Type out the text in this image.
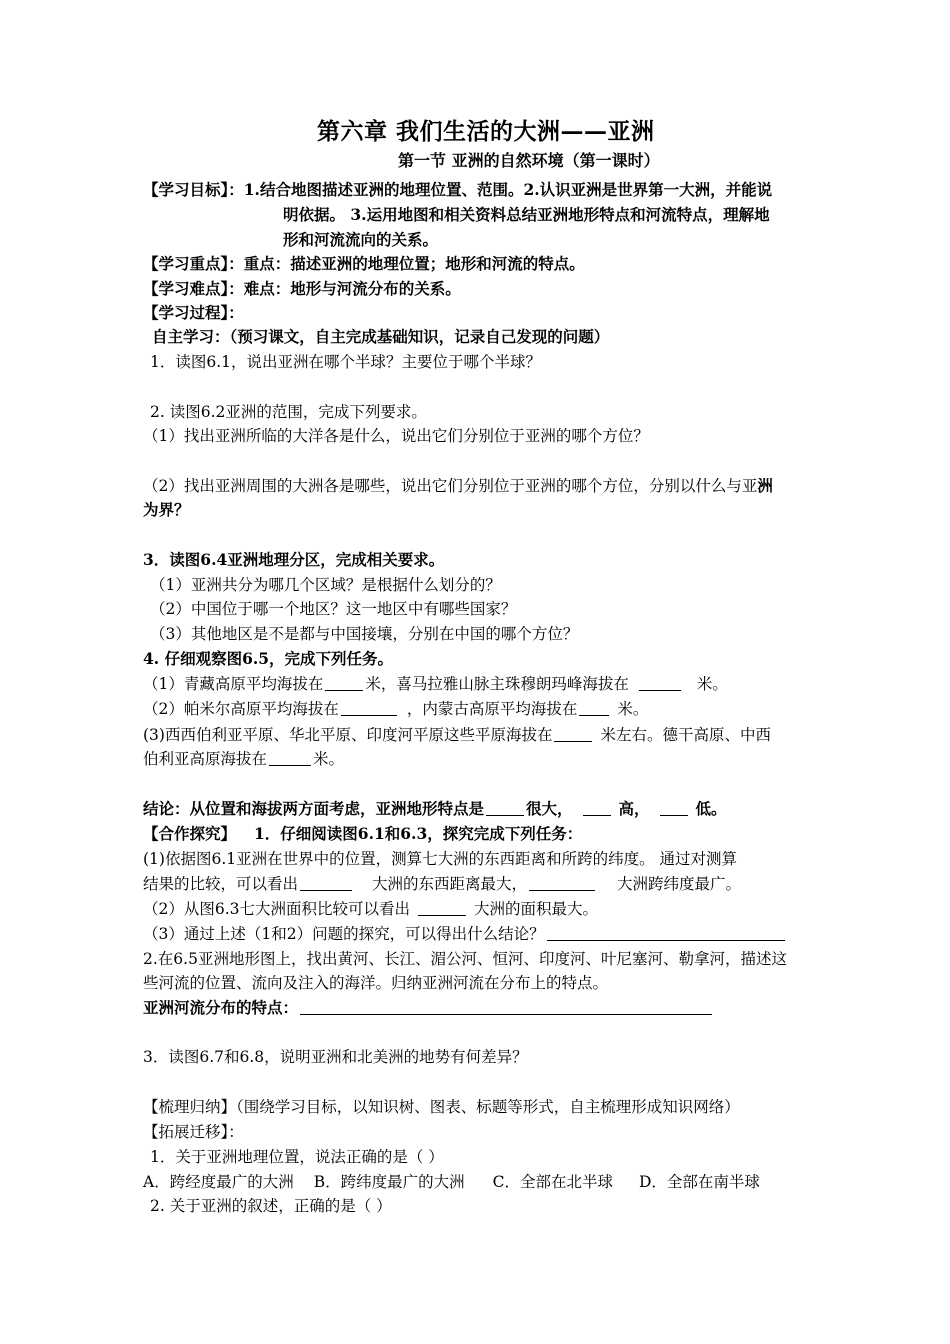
第六章 我们生活的大洲——亚洲
第一节 亚洲的自然环境（第一课时）
【学习目标】：1.结合地图描述亚洲的地理位置、范围。2.认识亚洲是世界第一大洲，并能说
明依据。 3.运用地图和相关资料总结亚洲地形特点和河流特点，理解地
形和河流流向的关系。
【学习重点】：重点：描述亚洲的地理位置；地形和河流的特点。
【学习难点】：难点：地形与河流分布的关系。
【学习过程】：
自主学习：（预习课文，自主完成基础知识，记录自己发现的问题）
1．读图6.1，说出亚洲在哪个半球？主要位于哪个半球？
2. 读图6.2亚洲的范围，完成下列要求。
（1）找出亚洲所临的大洋各是什么，说出它们分别位于亚洲的哪个方位？
（2）找出亚洲周围的大洲各是哪些，说出它们分别位于亚洲的哪个方位，分别以什么与亚洲
为界？
3．读图6.4亚洲地理分区，完成相关要求。
（1）亚洲共分为哪几个区域？是根据什么划分的？
（2）中国位于哪一个地区？这一地区中有哪些国家？
（3）其他地区是不是都与中国接壤，分别在中国的哪个方位？
4. 仔细观察图6.5，完成下列任务。
（1）青藏高原平均海拔在	米，喜马拉雅山脉主珠穆朗玛峰海拔在	米。
（2）帕米尔高原平均海拔在	，内蒙古高原平均海拔在	米。
(3)西西伯利亚平原、华北平原、印度河平原这些平原海拔在	米左右。德干高原、中西
伯利亚高原海拔在	米。
结论：从位置和海拔两方面考虑，亚洲地形特点是	很大，	高，	低。
【合作探究】 1．仔细阅读图6.1和6.3，探究完成下列任务：
(1)依据图6.1亚洲在世界中的位置，测算七大洲的东西距离和所跨的纬度。 通过对测算
结果的比较，可以看出	大洲的东西距离最大，	大洲跨纬度最广。
（2）从图6.3七大洲面积比较可以看出	大洲的面积最大。
（3）通过上述（1和2）问题的探究，可以得出什么结论？
2.在6.5亚洲地形图上，找出黄河、长江、湄公河、恒河、印度河、叶尼塞河、勒拿河，描述这
些河流的位置、流向及注入的海洋。归纳亚洲河流在分布上的特点。
亚洲河流分布的特点：
3．读图6.7和6.8，说明亚洲和北美洲的地势有何差异？
【梳理归纳】（围绕学习目标，以知识树、图表、标题等形式，自主梳理形成知识网络）
【拓展迁移】：
1．关于亚洲地理位置，说法正确的是（ ）
A．跨经度最广的大洲 B．跨纬度最广的大洲 C．全部在北半球 D．全部在南半球
2. 关于亚洲的叙述，正确的是（ ）
